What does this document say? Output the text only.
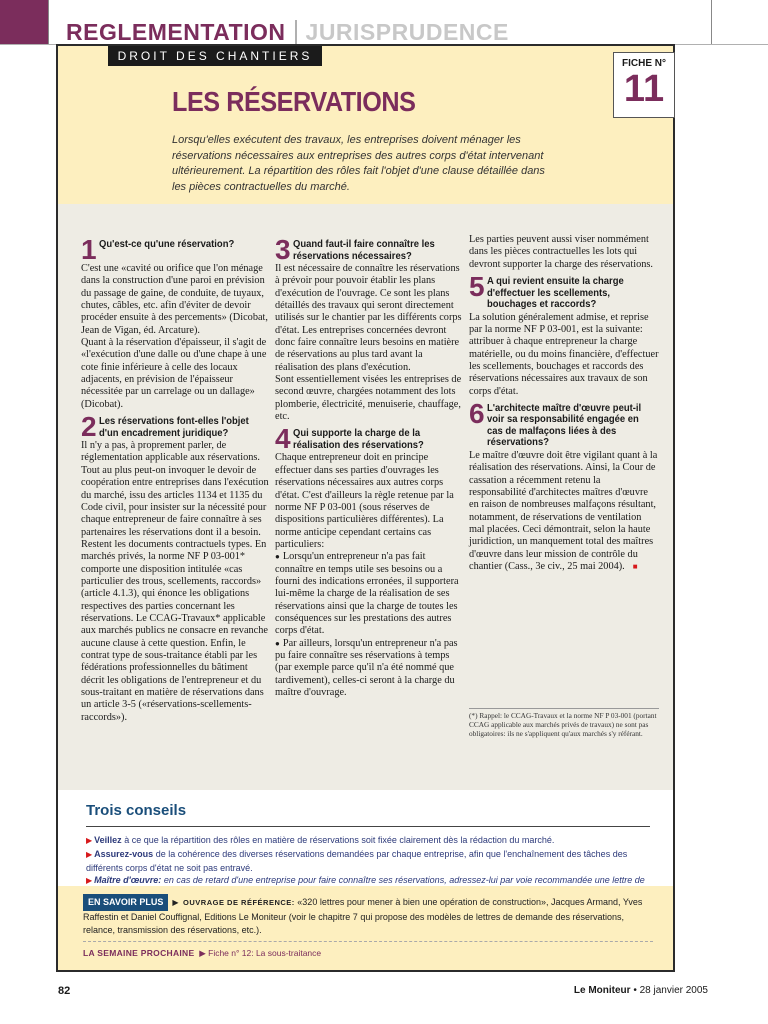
REGLEMENTATION JURISPRUDENCE
DROIT DES CHANTIERS
FICHE N°
11
LES RÉSERVATIONS
Lorsqu'elles exécutent des travaux, les entreprises doivent ménager les réservations nécessaires aux entreprises des autres corps d'état intervenant ultérieurement. La répartition des rôles fait l'objet d'une clause détaillée dans les pièces contractuelles du marché.
1 Qu'est-ce qu'une réservation?

C'est une «cavité ou orifice que l'on ménage dans la construction d'une paroi en prévision du passage de gaine, de conduite, de tuyaux, chutes, câbles, etc. afin d'éviter de devoir procéder ensuite à des percements» (Dicobat, Jean de Vigan, éd. Arcature).

Quant à la réservation d'épaisseur, il s'agit de «l'exécution d'une dalle ou d'une chape à une cote finie inférieure à celle des locaux adjacents, en prévision de l'épaisseur nécessitée par un carrelage ou un dallage» (Dicobat).

2 Les réservations font-elles l'objet d'un encadrement juridique?

Il n'y a pas, à proprement parler, de réglementation applicable aux réservations. Tout au plus peut-on invoquer le devoir de coopération entre entreprises dans l'exécution du marché, issu des articles 1134 et 1135 du Code civil, pour insister sur la nécessité pour chaque entrepreneur de faire connaître à ses partenaires les réservations dont il a besoin.

Restent les documents contractuels types. En marchés privés, la norme NF P 03-001* comporte une disposition intitulée «cas particulier des trous, scellements, raccords» (article 4.1.3), qui énonce les obligations respectives des parties concernant les réservations. Le CCAG-Travaux* applicable aux marchés publics ne consacre en revanche aucune clause à cette question. Enfin, le contrat type de sous-traitance établi par les fédérations professionnelles du bâtiment décrit les obligations de l'entrepreneur et du sous-traitant en matière de réservations dans un article 3-5 («réservations-scellements-raccords»).

3 Quand faut-il faire connaître les réservations nécessaires?

Il est nécessaire de connaître les réservations à prévoir pour pouvoir établir les plans d'exécution de l'ouvrage. Ce sont les plans détaillés des travaux qui seront directement utilisés sur le chantier par les différents corps d'état. Les entreprises concernées devront donc faire connaître leurs besoins en matière de réservations au plus tard avant la réalisation des plans d'exécution.

Sont essentiellement visées les entreprises de second œuvre, chargées notamment des lots plomberie, électricité, menuiserie, chauffage, etc.

4 Qui supporte la charge de la réalisation des réservations?

Chaque entrepreneur doit en principe effectuer dans ses parties d'ouvrages les réservations nécessaires aux autres corps d'état. C'est d'ailleurs la règle retenue par la norme NF P 03-001 (sous réserves de dispositions particulières différentes). La norme anticipe cependant certains cas particuliers:

● Lorsqu'un entrepreneur n'a pas fait connaître en temps utile ses besoins ou a fourni des indications erronées, il supportera lui-même la charge de la réalisation de ses réservations ainsi que la charge de toutes les conséquences sur les prestations des autres corps d'état.

● Par ailleurs, lorsqu'un entrepreneur n'a pas pu faire connaître ses réservations à temps (par exemple parce qu'il n'a été nommé que tardivement), celles-ci seront à la charge du maître d'ouvrage.

Les parties peuvent aussi viser nommément dans les pièces contractuelles les lots qui devront supporter la charge des réservations.

5 A qui revient ensuite la charge d'effectuer les scellements, bouchages et raccords?

La solution généralement admise, et reprise par la norme NF P 03-001, est la suivante: attribuer à chaque entrepreneur la charge matérielle, ou du moins financière, d'effectuer les scellements, bouchages et raccords des réservations nécessaires aux travaux de son corps d'état.

6 L'architecte maître d'œuvre peut-il voir sa responsabilité engagée en cas de malfaçons liées à des réservations?

Le maître d'œuvre doit être vigilant quant à la réalisation des réservations. Ainsi, la Cour de cassation a récemment retenu la responsabilité d'architectes maîtres d'œuvre en raison de nombreuses malfaçons résultant, notamment, de réservations de ventilation mal placées. Ceci démontrait, selon la haute juridiction, un manquement total des maîtres d'œuvre dans leur mission de contrôle du chantier (Cass., 3e civ., 25 mai 2004). ■

(*) Rappel: le CCAG-Travaux et la norme NF P 03-001 (portant CCAG applicable aux marchés privés de travaux) ne sont pas obligatoires: ils ne s'appliquent qu'aux marchés s'y référant.
Trois conseils
▶ Veillez à ce que la répartition des rôles en matière de réservations soit fixée clairement dès la rédaction du marché.
▶ Assurez-vous de la cohérence des diverses réservations demandées par chaque entreprise, afin que l'enchaînement des tâches des différents corps d'état ne soit pas entravé.
▶ Maître d'œuvre: en cas de retard d'une entreprise pour faire connaître ses réservations, adressez-lui par voie recommandée une lettre de
EN SAVOIR PLUS ▶ OUVRAGE DE RÉFÉRENCE: «320 lettres pour mener à bien une opération de construction», Jacques Armand, Yves Raffestin et Daniel Couffignal, Editions Le Moniteur (voir le chapitre 7 qui propose des modèles de lettres de demande des réservations, relance, transmission des réservations, etc.).
LA SEMAINE PROCHAINE  ▶ Fiche n° 12: La sous-traitance
82	Le Moniteur • 28 janvier 2005
